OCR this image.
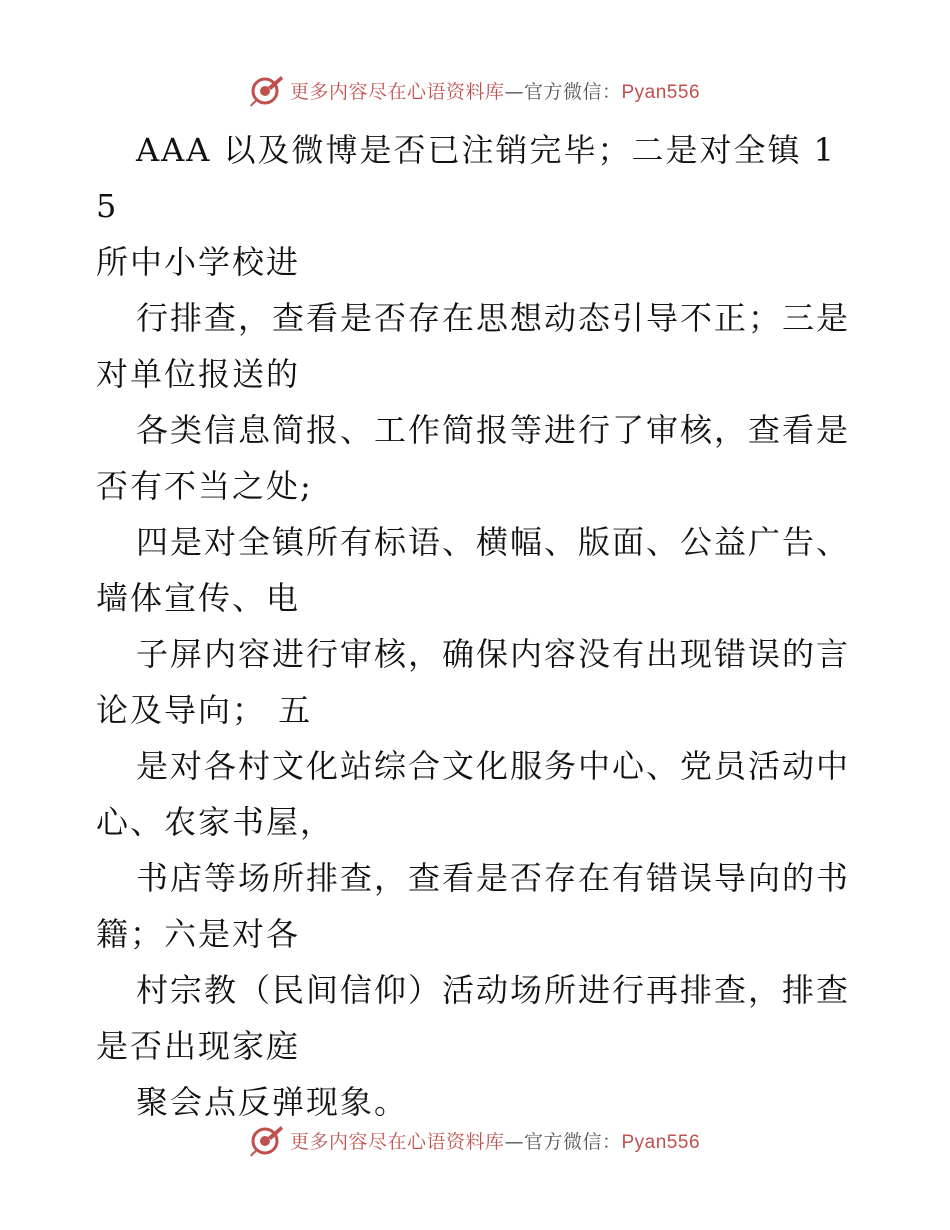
更多内容尽在心语资料库—官方微信：Pyan556

AAA 以及微博是否已注销完毕；二是对全镇 15
所中小学校进

行排查，查看是否存在思想动态引导不正；三是
对单位报送的

各类信息简报、工作简报等进行了审核，查看是
否有不当之处;

四是对全镇所有标语、横幅、版面、公益广告、
墙体宣传、电

子屏内容进行审核，确保内容没有出现错误的言
论及导向； 五

是对各村文化站综合文化服务中心、党员活动中
心、农家书屋，

书店等场所排查，查看是否存在有错误导向的书
籍；六是对各

村宗教（民间信仰）活动场所进行再排查，排查
是否出现家庭

聚会点反弹现象。

更多内容尽在心语资料库—官方微信：Pyan556
